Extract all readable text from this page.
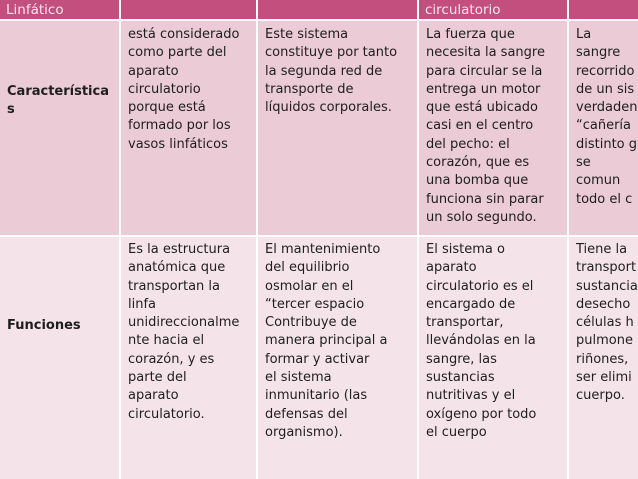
Linfático	circulatorio
Característica
s
está considerado
como parte del
aparato
circulatorio
porque está
formado por los
vasos linfáticos
Este sistema
constituye por tanto
la segunda red de
transporte de
líquidos corporales.
La fuerza que
necesita la sangre
para circular se la
entrega un motor
que está ubicado
casi en el centro
del pecho: el
corazón, que es
una bomba que
funciona sin parar
un solo segundo.
La sangre
recorrido
de un sis
verdaden
“cañería
distinto g
se comun
todo el c
Funciones
Es la estructura
anatómica que
transportan la
linfa
unidireccionalme
nte hacia el
corazón, y es
parte del
aparato
circulatorio.
El mantenimiento
del equilibrio
osmolar en el
“tercer espacio
Contribuye de
manera principal a
formar y activar
el sistema
inmunitario (las
defensas del
organismo).
El sistema o
aparato
circulatorio es el
encargado de
transportar,
llevándolas en la
sangre, las
sustancias
nutritivas y el
oxígeno por todo
el cuerpo
Tiene la
transport
sustancia
desecho
células h
pulmone
riñones,
ser elimi
cuerpo.
